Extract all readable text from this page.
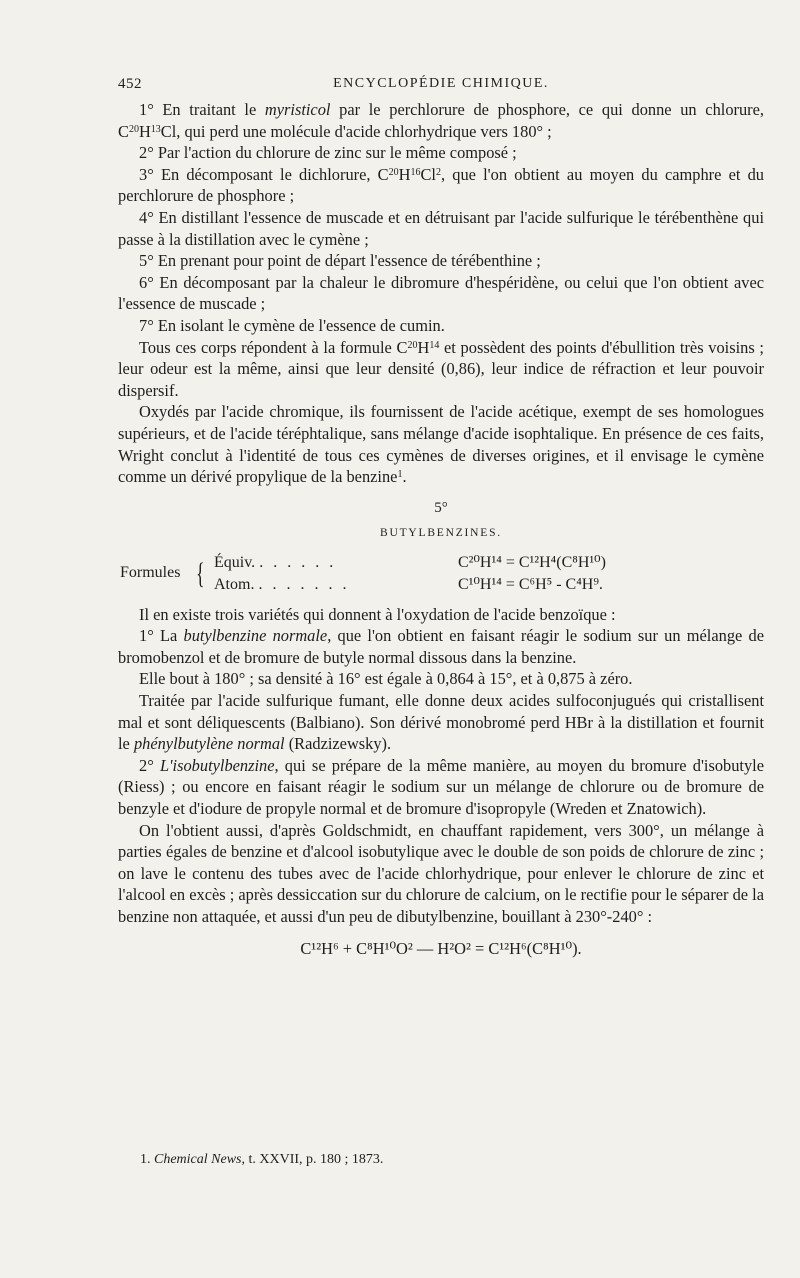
452	ENCYCLOPÉDIE CHIMIQUE.

1° En traitant le myristicol par le perchlorure de phosphore, ce qui donne un chlorure, $C^{20}H^{13}Cl$, qui perd une molécule d'acide chlorhydrique vers 180° ;

2° Par l'action du chlorure de zinc sur le même composé ;

3° En décomposant le dichlorure, $C^{20}H^{16}Cl^2$, que l'on obtient au moyen du camphre et du perchlorure de phosphore ;

4° En distillant l'essence de muscade et en détruisant par l'acide sulfurique le térébenthène qui passe à la distillation avec le cymène ;

5° En prenant pour point de départ l'essence de térébenthine ;

6° En décomposant par la chaleur le dibromure d'hespéridène, ou celui que l'on obtient avec l'essence de muscade ;

7° En isolant le cymène de l'essence de cumin.

Tous ces corps répondent à la formule $C^{20}H^{14}$ et possèdent des points d'ébullition très voisins ; leur odeur est la même, ainsi que leur densité (0,86), leur indice de réfraction et leur pouvoir dispersif.

Oxydés par l'acide chromique, ils fournissent de l'acide acétique, exempt de ses homologues supérieurs, et de l'acide téréphtalique, sans mélange d'acide isophtalique. En présence de ces faits, Wright conclut à l'identité de tous ces cymènes de diverses origines, et il envisage le cymène comme un dérivé propylique de la benzine$^1$.

5°
BUTYLBENZINES.
Formules { Équiv. . . . . . .	C²⁰H¹⁴ = C¹²H⁴(C⁸H¹⁰)
Atom. . . . . . . .	C¹⁰H¹⁴ = C⁶H⁵ - C⁴H⁹.

Il en existe trois variétés qui donnent à l'oxydation de l'acide benzoïque :

1° La butylbenzine normale, que l'on obtient en faisant réagir le sodium sur un mélange de bromobenzol et de bromure de butyle normal dissous dans la benzine.

Elle bout à 180° ; sa densité à 16° est égale à 0,864 à 15°, et à 0,875 à zéro.

Traitée par l'acide sulfurique fumant, elle donne deux acides sulfoconjugués qui cristallisent mal et sont déliquescents (Balbiano). Son dérivé monobromé perd HBr à la distillation et fournit le phénylbutylène normal (Radzizewsky).

2° L'isobutylbenzine, qui se prépare de la même manière, au moyen du bromure d'isobutyle (Riess) ; ou encore en faisant réagir le sodium sur un mélange de chlorure ou de bromure de benzyle et d'iodure de propyle normal et de bromure d'isopropyle (Wreden et Znatowich).

On l'obtient aussi, d'après Goldschmidt, en chauffant rapidement, vers 300°, un mélange à parties égales de benzine et d'alcool isobutylique avec le double de son poids de chlorure de zinc ; on lave le contenu des tubes avec de l'acide chlorhydrique, pour enlever le chlorure de zinc et l'alcool en excès ; après dessiccation sur du chlorure de calcium, on le rectifie pour le séparer de la benzine non attaquée, et aussi d'un peu de dibutylbenzine, bouillant à 230°-240° :

C¹²H⁶ + C⁸H¹⁰O² — H²O² = C¹²H⁶(C⁸H¹⁰).
1. Chemical News, t. XXVII, p. 180 ; 1873.
